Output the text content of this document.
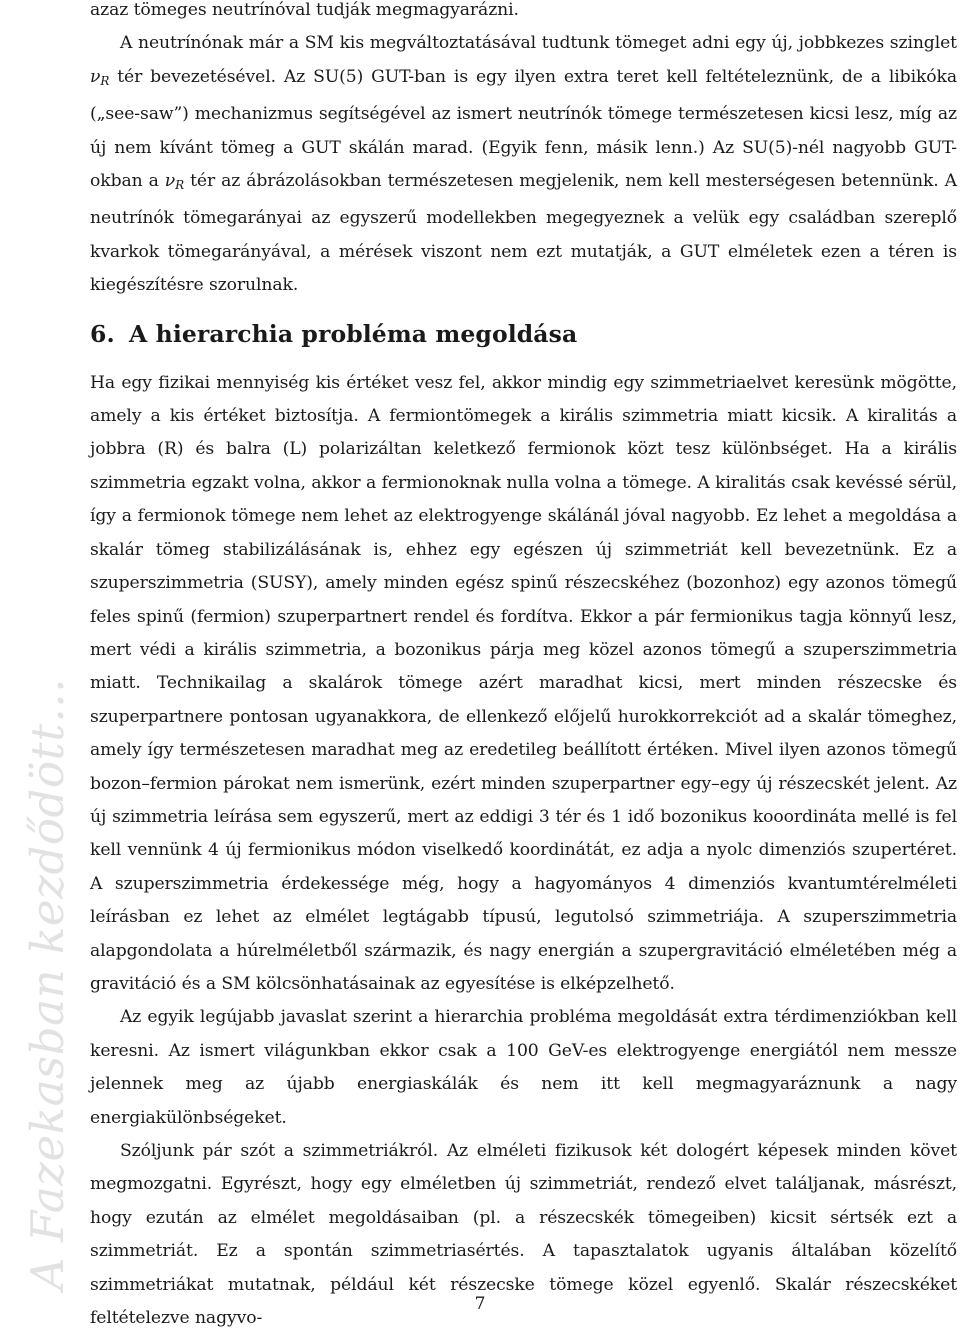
A Fazekasban kezdődött…

azaz tömeges neutrínóval tudják megmagyarázni.

A neutrínónak már a SM kis megváltoztatásával tudtunk tömeget adni egy új, jobbkezes szinglet $\nu_R$ tér bevezetésével. Az SU(5) GUT-ban is egy ilyen extra teret kell feltételeznünk, de a libikóka („see-saw”) mechanizmus segítségével az ismert neutrínók tömege természetesen kicsi lesz, míg az új nem kívánt tömeg a GUT skálán marad. (Egyik fenn, másik lenn.) Az SU(5)-nél nagyobb GUT-okban a $\nu_R$ tér az ábrázolásokban természetesen megjelenik, nem kell mesterségesen betennünk. A neutrínók tömegarányai az egyszerű modellekben megegyeznek a velük egy családban szereplő kvarkok tömegarányával, a mérések viszont nem ezt mutatják, a GUT elméletek ezen a téren is kiegészítésre szorulnak.

6. A hierarchia probléma megoldása

Ha egy fizikai mennyiség kis értéket vesz fel, akkor mindig egy szimmetriaelvet keresünk mögötte, amely a kis értéket biztosítja. A fermiontömegek a királis szimmetria miatt kicsik. A kiralitás a jobbra (R) és balra (L) polarizáltan keletkező fermionok közt tesz különbséget. Ha a királis szimmetria egzakt volna, akkor a fermionoknak nulla volna a tömege. A kiralitás csak kevéssé sérül, így a fermionok tömege nem lehet az elektrogyenge skálánál jóval nagyobb. Ez lehet a megoldása a skalár tömeg stabilizálásának is, ehhez egy egészen új szimmetriát kell bevezetnünk. Ez a szuperszimmetria (SUSY), amely minden egész spinű részecskéhez (bozonhoz) egy azonos tömegű feles spinű (fermion) szuperpartnert rendel és fordítva. Ekkor a pár fermionikus tagja könnyű lesz, mert védi a királis szimmetria, a bozonikus párja meg közel azonos tömegű a szuperszimmetria miatt. Technikailag a skalárok tömege azért maradhat kicsi, mert minden részecske és szuperpartnere pontosan ugyanakkora, de ellenkező előjelű hurokkorrekciót ad a skalár tömeghez, amely így természetesen maradhat meg az eredetileg beállított értéken. Mivel ilyen azonos tömegű bozon–fermion párokat nem ismerünk, ezért minden szuperpartner egy–egy új részecskét jelent. Az új szimmetria leírása sem egyszerű, mert az eddigi 3 tér és 1 idő bozonikus kooordináta mellé is fel kell vennünk 4 új fermionikus módon viselkedő koordinátát, ez adja a nyolc dimenziós szupertéret. A szuperszimmetria érdekessége még, hogy a hagyományos 4 dimenziós kvantumtérelméleti leírásban ez lehet az elmélet legtágabb típusú, legutolsó szimmetriája. A szuperszimmetria alapgondolata a húrelméletből származik, és nagy energián a szupergravitáció elméletében még a gravitáció és a SM kölcsönhatásainak az egyesítése is elképzelhető.

Az egyik legújabb javaslat szerint a hierarchia probléma megoldását extra térdimenziókban kell keresni. Az ismert világunkban ekkor csak a 100 GeV-es elektrogyenge energiától nem messze jelennek meg az újabb energiaskálák és nem itt kell megmagyaráznunk a nagy energiakülönbségeket.

Szóljunk pár szót a szimmetriákról. Az elméleti fizikusok két dologért képesek minden követ megmozgatni. Egyrészt, hogy egy elméletben új szimmetriát, rendező elvet találjanak, másrészt, hogy ezután az elmélet megoldásaiban (pl. a részecskék tömegeiben) kicsit sértsék ezt a szimmetriát. Ez a spontán szimmetriasértés. A tapasztalatok ugyanis általában közelítő szimmetriákat mutatnak, például két részecske tömege közel egyenlő. Skalár részecskéket feltételezve nagyvo-

7
